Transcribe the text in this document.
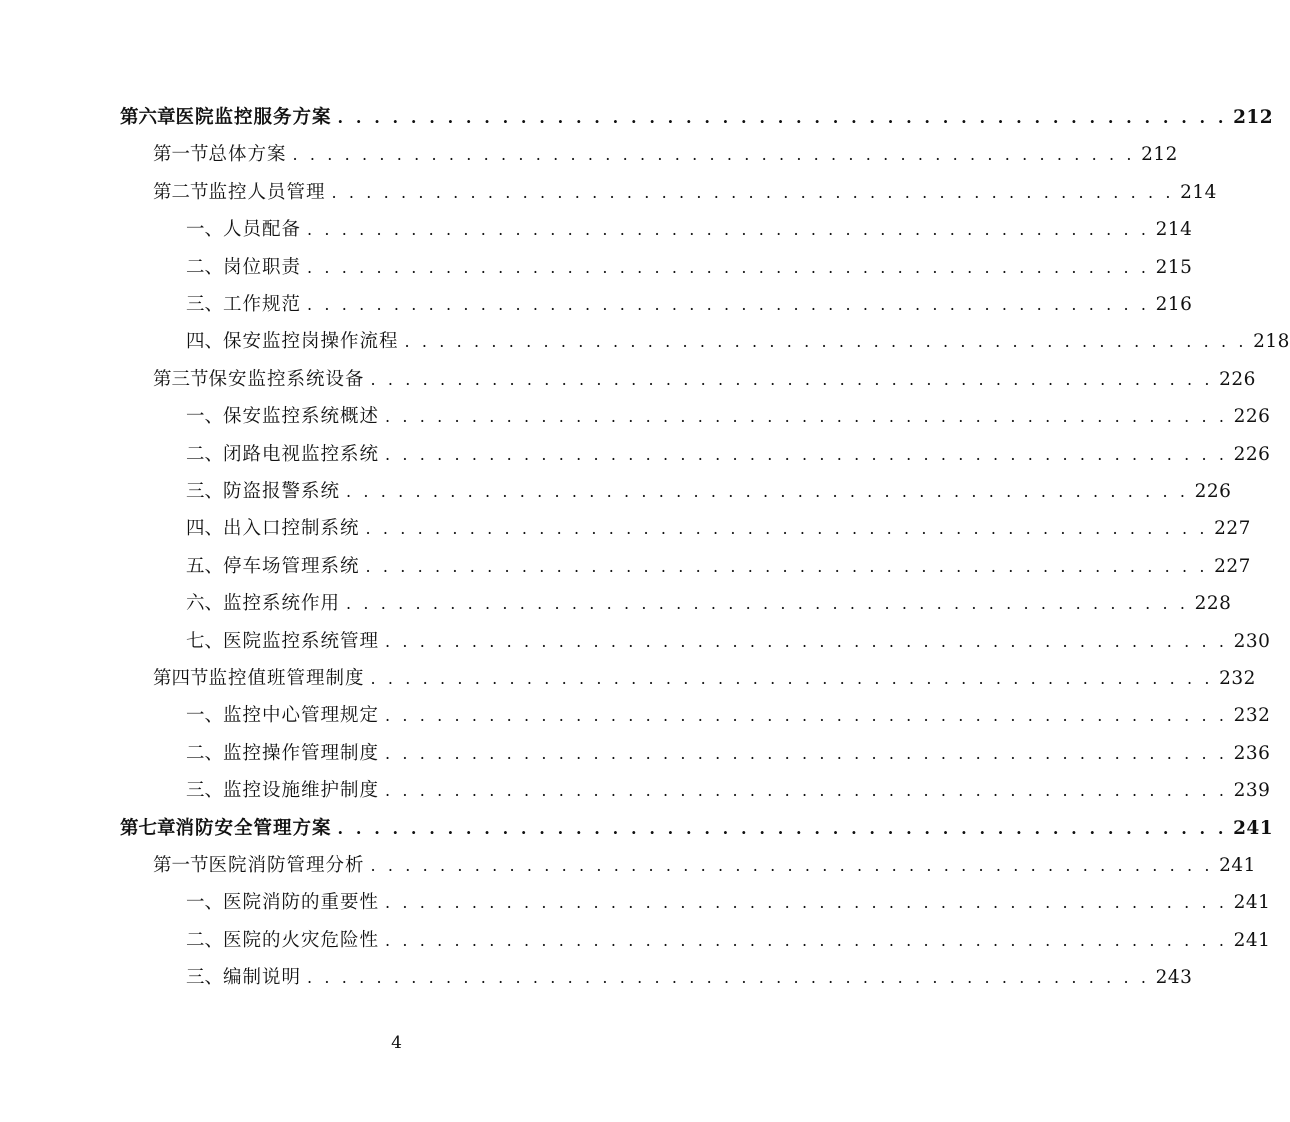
第六章 医院监控服务方案 . . . . . . . . . . . . . . . . . . . . . . . . . . . . . . . . . . . . . . . . . . . . . . . . . 212
第一节 总体方案 . . . . . . . . . . . . . . . . . . . . . . . . . . . . . . . . . . . . . . . . . . . . . . . . . 212
第二节 监控人员管理 . . . . . . . . . . . . . . . . . . . . . . . . . . . . . . . . . . . . . . . . . . . . . . . . . 214
一、 人员配备 . . . . . . . . . . . . . . . . . . . . . . . . . . . . . . . . . . . . . . . . . . . . . . . . . 214
二、 岗位职责 . . . . . . . . . . . . . . . . . . . . . . . . . . . . . . . . . . . . . . . . . . . . . . . . . 215
三、 工作规范 . . . . . . . . . . . . . . . . . . . . . . . . . . . . . . . . . . . . . . . . . . . . . . . . . 216
四、 保安监控岗操作流程 . . . . . . . . . . . . . . . . . . . . . . . . . . . . . . . . . . . . . . . . . . . . . . . . . 218
第三节 保安监控系统设备 . . . . . . . . . . . . . . . . . . . . . . . . . . . . . . . . . . . . . . . . . . . . . . . . . 226
一、 保安监控系统概述 . . . . . . . . . . . . . . . . . . . . . . . . . . . . . . . . . . . . . . . . . . . . . . . . . 226
二、 闭路电视监控系统 . . . . . . . . . . . . . . . . . . . . . . . . . . . . . . . . . . . . . . . . . . . . . . . . . 226
三、 防盗报警系统 . . . . . . . . . . . . . . . . . . . . . . . . . . . . . . . . . . . . . . . . . . . . . . . . . 226
四、 出入口控制系统 . . . . . . . . . . . . . . . . . . . . . . . . . . . . . . . . . . . . . . . . . . . . . . . . . 227
五、 停车场管理系统 . . . . . . . . . . . . . . . . . . . . . . . . . . . . . . . . . . . . . . . . . . . . . . . . . 227
六、 监控系统作用 . . . . . . . . . . . . . . . . . . . . . . . . . . . . . . . . . . . . . . . . . . . . . . . . . 228
七、 医院监控系统管理 . . . . . . . . . . . . . . . . . . . . . . . . . . . . . . . . . . . . . . . . . . . . . . . . . 230
第四节 监控值班管理制度 . . . . . . . . . . . . . . . . . . . . . . . . . . . . . . . . . . . . . . . . . . . . . . . . . 232
一、 监控中心管理规定 . . . . . . . . . . . . . . . . . . . . . . . . . . . . . . . . . . . . . . . . . . . . . . . . . 232
二、 监控操作管理制度 . . . . . . . . . . . . . . . . . . . . . . . . . . . . . . . . . . . . . . . . . . . . . . . . . 236
三、 监控设施维护制度 . . . . . . . . . . . . . . . . . . . . . . . . . . . . . . . . . . . . . . . . . . . . . . . . . 239
第七章 消防安全管理方案 . . . . . . . . . . . . . . . . . . . . . . . . . . . . . . . . . . . . . . . . . . . . . . . . . 241
第一节 医院消防管理分析 . . . . . . . . . . . . . . . . . . . . . . . . . . . . . . . . . . . . . . . . . . . . . . . . . 241
一、 医院消防的重要性 . . . . . . . . . . . . . . . . . . . . . . . . . . . . . . . . . . . . . . . . . . . . . . . . . 241
二、 医院的火灾危险性 . . . . . . . . . . . . . . . . . . . . . . . . . . . . . . . . . . . . . . . . . . . . . . . . . 241
三、 编制说明 . . . . . . . . . . . . . . . . . . . . . . . . . . . . . . . . . . . . . . . . . . . . . . . . . 243
4
